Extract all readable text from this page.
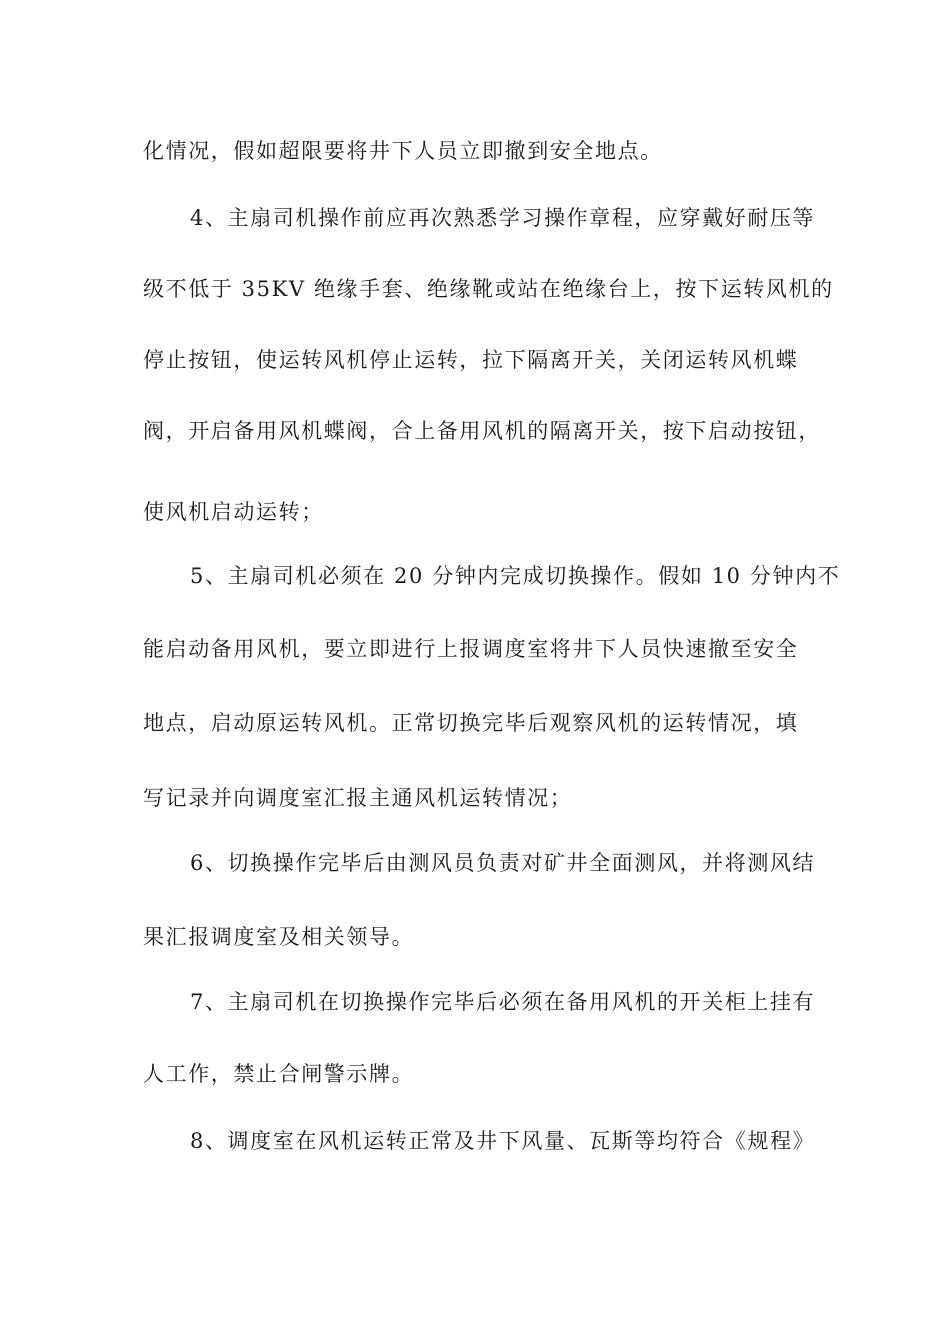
化情况，假如超限要将井下人员立即撤到安全地点。
4、主扇司机操作前应再次熟悉学习操作章程，应穿戴好耐压等
级不低于 35KV 绝缘手套、绝缘靴或站在绝缘台上，按下运转风机的
停止按钮，使运转风机停止运转，拉下隔离开关，关闭运转风机蝶
阀，开启备用风机蝶阀，合上备用风机的隔离开关，按下启动按钮，
使风机启动运转；
5、主扇司机必须在 20 分钟内完成切换操作。假如 10 分钟内不
能启动备用风机，要立即进行上报调度室将井下人员快速撤至安全
地点，启动原运转风机。正常切换完毕后观察风机的运转情况，填
写记录并向调度室汇报主通风机运转情况；
6、切换操作完毕后由测风员负责对矿井全面测风，并将测风结
果汇报调度室及相关领导。
7、主扇司机在切换操作完毕后必须在备用风机的开关柜上挂有
人工作，禁止合闸警示牌。
8、调度室在风机运转正常及井下风量、瓦斯等均符合《规程》
